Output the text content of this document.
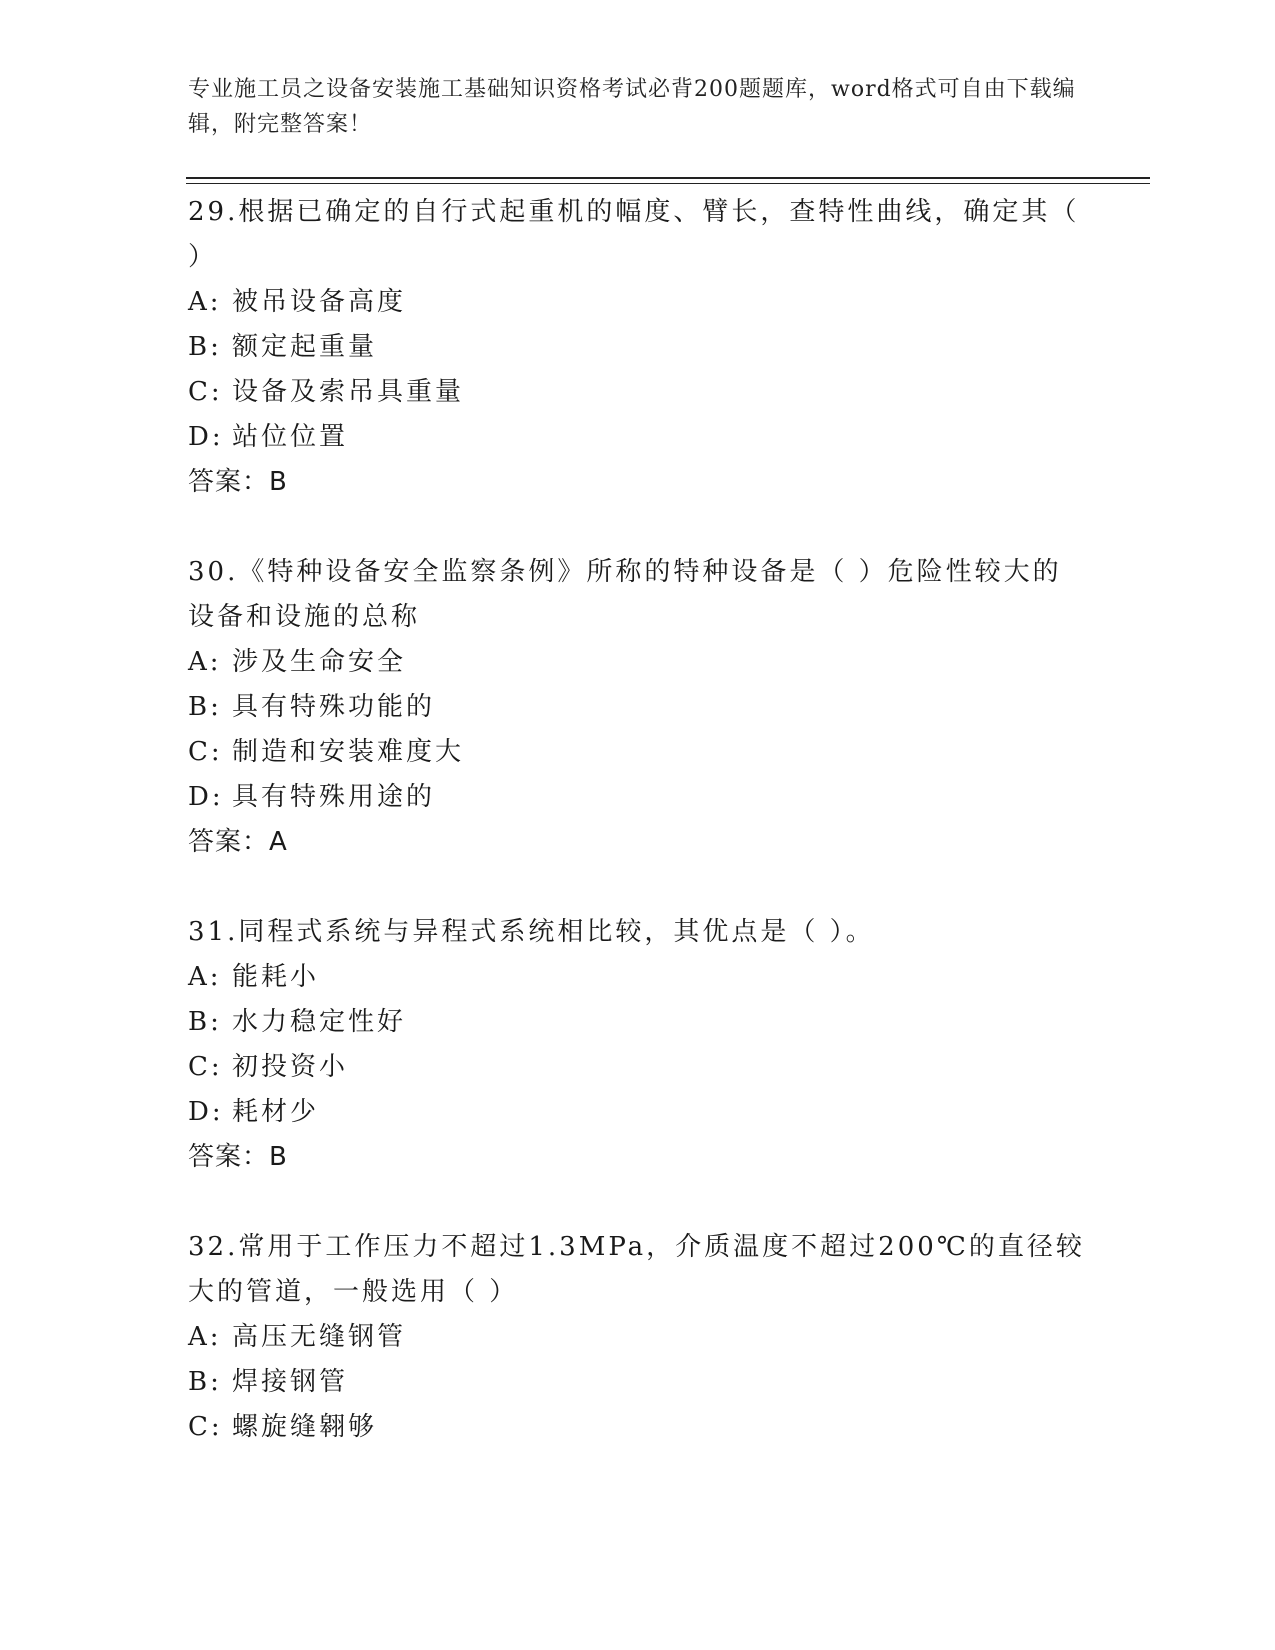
专业施工员之设备安装施工基础知识资格考试必背200题题库，word格式可自由下载编辑，附完整答案！

29.根据已确定的自行式起重机的幅度、臂长，查特性曲线，确定其（ ）

A: 被吊设备高度

B: 额定起重量

C: 设备及索吊具重量

D: 站位位置

答案：B

30.《特种设备安全监察条例》所称的特种设备是（ ）危险性较大的设备和设施的总称

A: 涉及生命安全

B: 具有特殊功能的

C: 制造和安装难度大

D: 具有特殊用途的

答案：A

31.同程式系统与异程式系统相比较，其优点是（ ）。

A: 能耗小

B: 水力稳定性好

C: 初投资小

D: 耗材少

答案：B

32.常用于工作压力不超过1.3MPa，介质温度不超过200℃的直径较大的管道，一般选用（ ）

A: 高压无缝钢管

B: 焊接钢管

C: 螺旋缝翱够
